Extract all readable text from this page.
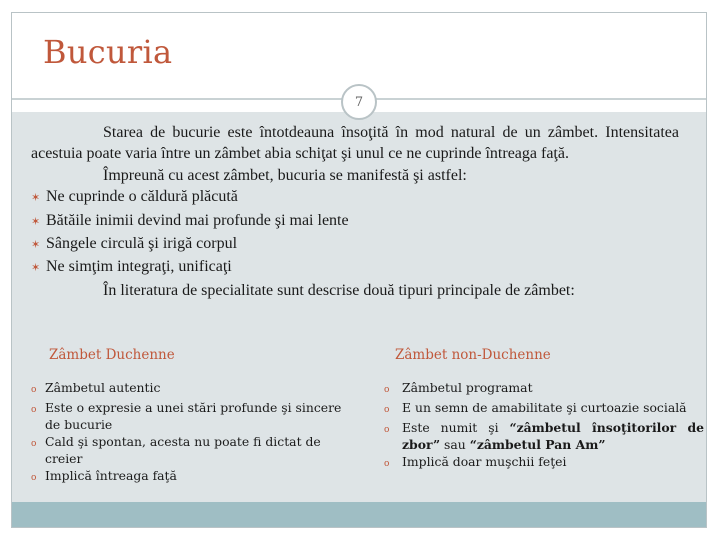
Bucuria
7

Starea de bucurie este întotdeauna însoţită în mod natural de un zâmbet. Intensitatea acestuia poate varia între un zâmbet abia schiţat şi unul ce ne cuprinde întreaga faţă.

Împreună cu acest zâmbet, bucuria se manifestă şi astfel:

✶ Ne cuprinde o căldură plăcută
✶ Bătăile inimii devind mai profunde şi mai lente
✶ Sângele circulă şi irigă corpul
✶ Ne simţim integraţi, unificaţi

În literatura de specialitate sunt descrise două tipuri principale de zâmbet:

Zâmbet Duchenne
o Zâmbetul autentic
o Este o expresie a unei stări profunde şi sincere de bucurie
o Cald şi spontan, acesta nu poate fi dictat de creier
o Implică întreaga faţă
Zâmbet non-Duchenne
o	Zâmbetul programat
o	E un semn de amabilitate şi curtoazie socială
o	Este numit şi “zâmbetul însoţitorilor de zbor” sau “zâmbetul Pan Am”
o	Implică doar muşchii feţei
